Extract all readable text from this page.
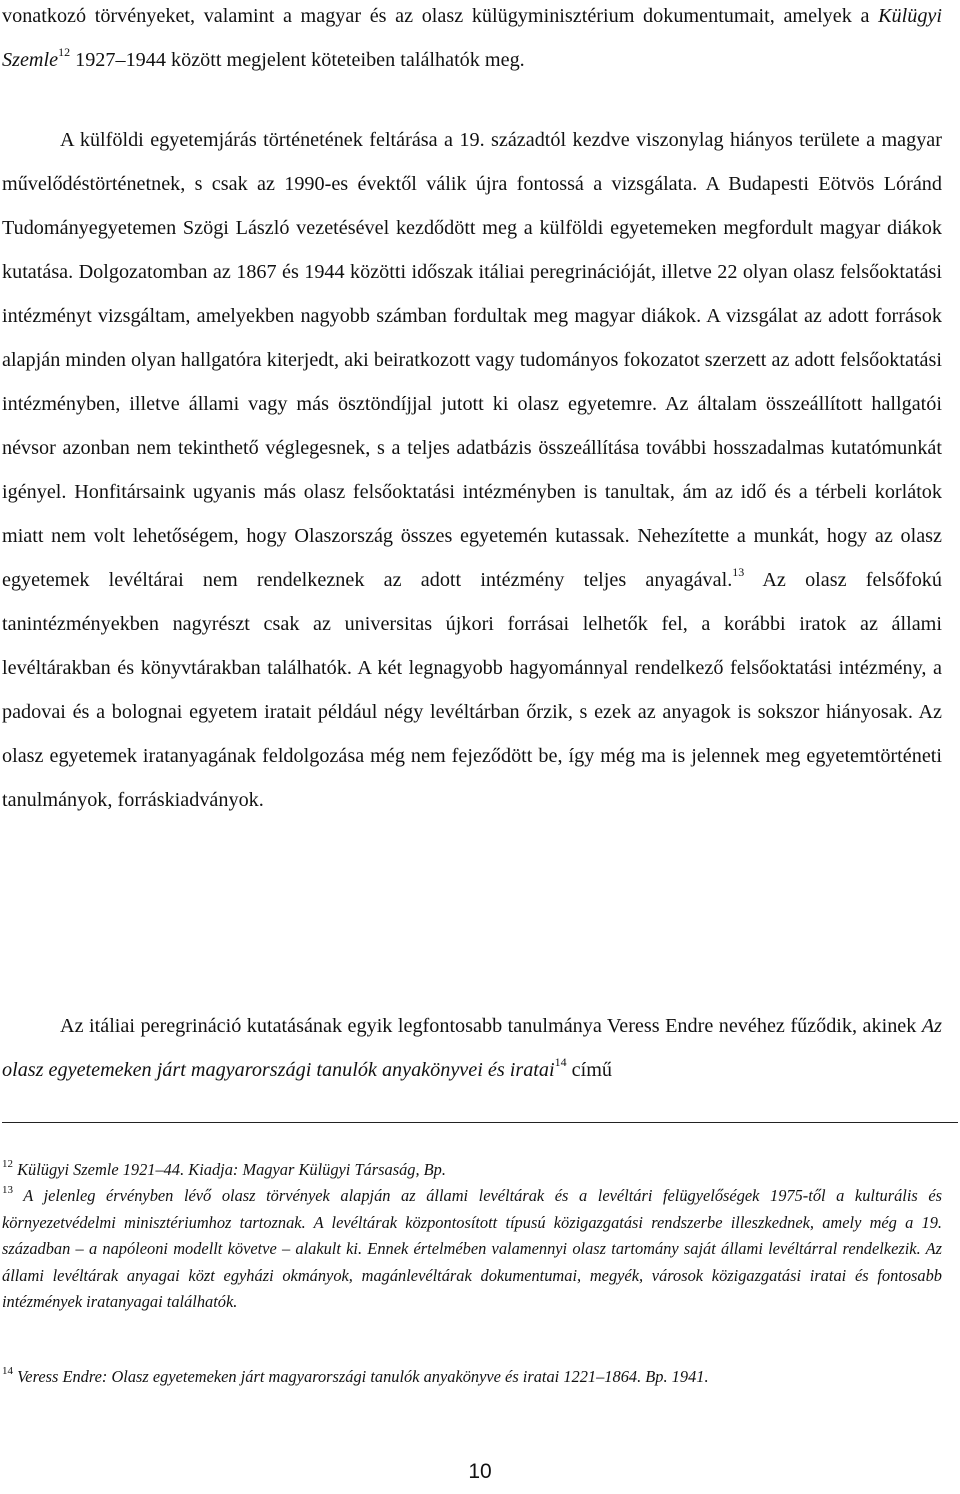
vonatkozó törvényeket, valamint a magyar és az olasz külügyminisztérium dokumentumait, amelyek a Külügyi Szemle$^{12}$ 1927–1944 között megjelent köteteiben találhatók meg.

A külföldi egyetemjárás történetének feltárása a 19. századtól kezdve viszonylag hiányos területe a magyar művelődéstörténetnek, s csak az 1990-es évektől válik újra fontossá a vizsgálata. A Budapesti Eötvös Lóránd Tudományegyetemen Szögi László vezetésével kezdődött meg a külföldi egyetemeken megfordult magyar diákok kutatása. Dolgozatomban az 1867 és 1944 közötti időszak itáliai peregrinációját, illetve 22 olyan olasz felsőoktatási intézményt vizsgáltam, amelyekben nagyobb számban fordultak meg magyar diákok. A vizsgálat az adott források alapján minden olyan hallgatóra kiterjedt, aki beiratkozott vagy tudományos fokozatot szerzett az adott felsőoktatási intézményben, illetve állami vagy más ösztöndíjjal jutott ki olasz egyetemre. Az általam összeállított hallgatói névsor azonban nem tekinthető véglegesnek, s a teljes adatbázis összeállítása további hosszadalmas kutatómunkát igényel. Honfitársaink ugyanis más olasz felsőoktatási intézményben is tanultak, ám az idő és a térbeli korlátok miatt nem volt lehetőségem, hogy Olaszország összes egyetemén kutassak. Nehezítette a munkát, hogy az olasz egyetemek levéltárai nem rendelkeznek az adott intézmény teljes anyagával.$^{13}$ Az olasz felsőfokú tanintézményekben nagyrészt csak az universitas újkori forrásai lelhetők fel, a korábbi iratok az állami levéltárakban és könyvtárakban találhatók. A két legnagyobb hagyománnyal rendelkező felsőoktatási intézmény, a padovai és a bolognai egyetem iratait például négy levéltárban őrzik, s ezek az anyagok is sokszor hiányosak. Az olasz egyetemek iratanyagának feldolgozása még nem fejeződött be, így még ma is jelennek meg egyetemtörténeti tanulmányok, forráskiadványok.

Az itáliai peregrináció kutatásának egyik legfontosabb tanulmánya Veress Endre nevéhez fűződik, akinek Az olasz egyetemeken járt magyarországi tanulók anyakönyvei és iratai$^{14}$ című

$^{12}$ Külügyi Szemle 1921–44. Kiadja: Magyar Külügyi Társaság, Bp.

$^{13}$ A jelenleg érvényben lévő olasz törvények alapján az állami levéltárak és a levéltári felügyelőségek 1975-től a kulturális és környezetvédelmi minisztériumhoz tartoznak. A levéltárak központosított típusú közigazgatási rendszerbe illeszkednek, amely még a 19. században – a napóleoni modellt követve – alakult ki. Ennek értelmében valamennyi olasz tartomány saját állami levéltárral rendelkezik. Az állami levéltárak anyagai közt egyházi okmányok, magánlevéltárak dokumentumai, megyék, városok közigazgatási iratai és fontosabb intézmények iratanyagai találhatók.

$^{14}$ Veress Endre: Olasz egyetemeken járt magyarországi tanulók anyakönyve és iratai 1221–1864. Bp. 1941.

10
